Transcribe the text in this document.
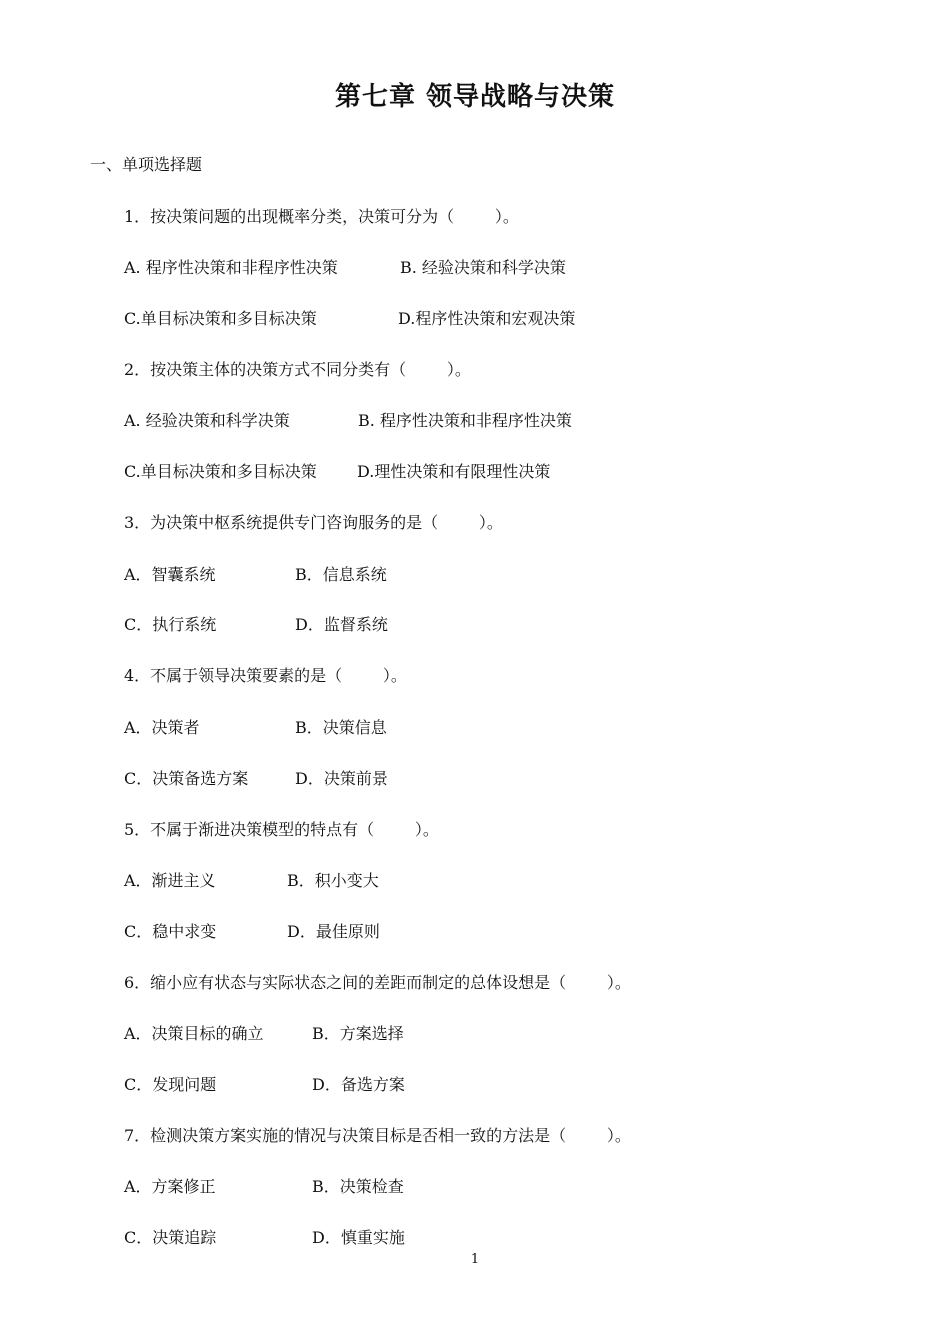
第七章 领导战略与决策
一、单项选择题
1．按决策问题的出现概率分类，决策可分为（        ）。
A. 程序性决策和非程序性决策	B. 经验决策和科学决策
C.单目标决策和多目标决策	D.程序性决策和宏观决策
2．按决策主体的决策方式不同分类有（        ）。
A. 经验决策和科学决策	B. 程序性决策和非程序性决策
C.单目标决策和多目标决策	D.理性决策和有限理性决策
3．为决策中枢系统提供专门咨询服务的是（        ）。
A．智囊系统	B．信息系统
C．执行系统	D．监督系统
4．不属于领导决策要素的是（        ）。
A．决策者	B．决策信息
C．决策备选方案	D．决策前景
5．不属于渐进决策模型的特点有（        ）。
A．渐进主义	B．积小变大
C．稳中求变	D．最佳原则
6．缩小应有状态与实际状态之间的差距而制定的总体设想是（        ）。
A．决策目标的确立	B．方案选择
C．发现问题	D．备选方案
7．检测决策方案实施的情况与决策目标是否相一致的方法是（        ）。
A．方案修正	B．决策检查
C．决策追踪	D．慎重实施
1
